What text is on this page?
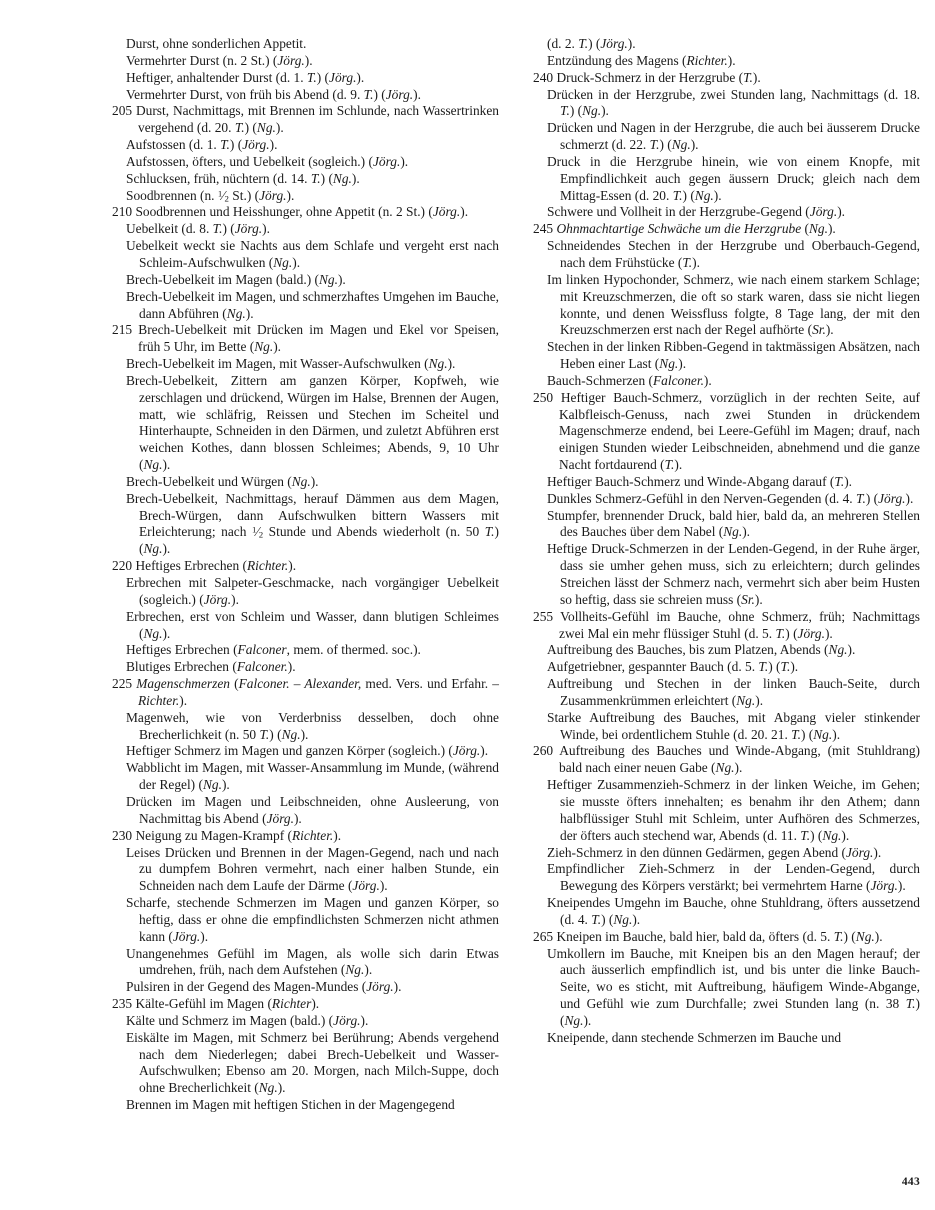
Durst, ohne sonderlichen Appetit.

Vermehrter Durst (n. 2 St.) (Jörg.).

Heftiger, anhaltender Durst (d. 1. T.) (Jörg.).

Vermehrter Durst, von früh bis Abend (d. 9. T.) (Jörg.).

205 Durst, Nachmittags, mit Brennen im Schlunde, nach Wassertrinken vergehend (d. 20. T.) (Ng.).

Aufstossen (d. 1. T.) (Jörg.).

Aufstossen, öfters, und Uebelkeit (sogleich.) (Jörg.).

Schlucksen, früh, nüchtern (d. 14. T.) (Ng.).

Soodbrennen (n. $^1⁄_2$ St.) (Jörg.).

210 Soodbrennen und Heisshunger, ohne Appetit (n. 2 St.) (Jörg.).

Uebelkeit (d. 8. T.) (Jörg.).

Uebelkeit weckt sie Nachts aus dem Schlafe und vergeht erst nach Schleim-Aufschwulken (Ng.).

Brech-Uebelkeit im Magen (bald.) (Ng.).

Brech-Uebelkeit im Magen, und schmerzhaftes Umgehen im Bauche, dann Abführen (Ng.).

215 Brech-Uebelkeit mit Drücken im Magen und Ekel vor Speisen, früh 5 Uhr, im Bette (Ng.).

Brech-Uebelkeit im Magen, mit Wasser-Aufschwulken (Ng.).

Brech-Uebelkeit, Zittern am ganzen Körper, Kopfweh, wie zerschlagen und drückend, Würgen im Halse, Brennen der Augen, matt, wie schläfrig, Reissen und Stechen im Scheitel und Hinterhaupte, Schneiden in den Därmen, und zuletzt Abführen erst weichen Kothes, dann blossen Schleimes; Abends, 9, 10 Uhr (Ng.).

Brech-Uebelkeit und Würgen (Ng.).

Brech-Uebelkeit, Nachmittags, herauf Dämmen aus dem Magen, Brech-Würgen, dann Aufschwulken bittern Wassers mit Erleichterung; nach $^1⁄_2$ Stunde und Abends wiederholt (n. 50 T.) (Ng.).

220 Heftiges Erbrechen (Richter.).

Erbrechen mit Salpeter-Geschmacke, nach vorgängiger Uebelkeit (sogleich.) (Jörg.).

Erbrechen, erst von Schleim und Wasser, dann blutigen Schleimes (Ng.).

Heftiges Erbrechen (Falconer, mem. of thermed. soc.).

Blutiges Erbrechen (Falconer.).

225 Magenschmerzen (Falconer. – Alexander, med. Vers. und Erfahr. – Richter.).

Magenweh, wie von Verderbniss desselben, doch ohne Brecherlichkeit (n. 50 T.) (Ng.).

Heftiger Schmerz im Magen und ganzen Körper (sogleich.) (Jörg.).

Wabblicht im Magen, mit Wasser-Ansammlung im Munde, (während der Regel) (Ng.).

Drücken im Magen und Leibschneiden, ohne Ausleerung, von Nachmittag bis Abend (Jörg.).

230 Neigung zu Magen-Krampf (Richter.).

Leises Drücken und Brennen in der Magen-Gegend, nach und nach zu dumpfem Bohren vermehrt, nach einer halben Stunde, ein Schneiden nach dem Laufe der Därme (Jörg.).

Scharfe, stechende Schmerzen im Magen und ganzen Körper, so heftig, dass er ohne die empfindlichsten Schmerzen nicht athmen kann (Jörg.).

Unangenehmes Gefühl im Magen, als wolle sich darin Etwas umdrehen, früh, nach dem Aufstehen (Ng.).

Pulsiren in der Gegend des Magen-Mundes (Jörg.).

235 Kälte-Gefühl im Magen (Richter).

Kälte und Schmerz im Magen (bald.) (Jörg.).

Eiskälte im Magen, mit Schmerz bei Berührung; Abends vergehend nach dem Niederlegen; dabei Brech-Uebelkeit und Wasser-Aufschwulken; Ebenso am 20. Morgen, nach Milch-Suppe, doch ohne Brecherlichkeit (Ng.).

Brennen im Magen mit heftigen Stichen in der Magengegend

(d. 2. T.) (Jörg.).

Entzündung des Magens (Richter.).

240 Druck-Schmerz in der Herzgrube (T.).

Drücken in der Herzgrube, zwei Stunden lang, Nachmittags (d. 18. T.) (Ng.).

Drücken und Nagen in der Herzgrube, die auch bei äusserem Drucke schmerzt (d. 22. T.) (Ng.).

Druck in die Herzgrube hinein, wie von einem Knopfe, mit Empfindlichkeit auch gegen äussern Druck; gleich nach dem Mittag-Essen (d. 20. T.) (Ng.).

Schwere und Vollheit in der Herzgrube-Gegend (Jörg.).

245 Ohnmachtartige Schwäche um die Herzgrube (Ng.).

Schneidendes Stechen in der Herzgrube und Oberbauch-Gegend, nach dem Frühstücke (T.).

Im linken Hypochonder, Schmerz, wie nach einem starkem Schlage; mit Kreuzschmerzen, die oft so stark waren, dass sie nicht liegen konnte, und denen Weissfluss folgte, 8 Tage lang, der mit den Kreuzschmerzen erst nach der Regel aufhörte (Sr.).

Stechen in der linken Ribben-Gegend in taktmässigen Absätzen, nach Heben einer Last (Ng.).

Bauch-Schmerzen (Falconer.).

250 Heftiger Bauch-Schmerz, vorzüglich in der rechten Seite, auf Kalbfleisch-Genuss, nach zwei Stunden in drückendem Magenschmerze endend, bei Leere-Gefühl im Magen; drauf, nach einigen Stunden wieder Leibschneiden, abnehmend und die ganze Nacht fortdaurend (T.).

Heftiger Bauch-Schmerz und Winde-Abgang darauf (T.).

Dunkles Schmerz-Gefühl in den Nerven-Gegenden (d. 4. T.) (Jörg.).

Stumpfer, brennender Druck, bald hier, bald da, an mehreren Stellen des Bauches über dem Nabel (Ng.).

Heftige Druck-Schmerzen in der Lenden-Gegend, in der Ruhe ärger, dass sie umher gehen muss, sich zu erleichtern; durch gelindes Streichen lässt der Schmerz nach, vermehrt sich aber beim Husten so heftig, dass sie schreien muss (Sr.).

255 Vollheits-Gefühl im Bauche, ohne Schmerz, früh; Nachmittags zwei Mal ein mehr flüssiger Stuhl (d. 5. T.) (Jörg.).

Auftreibung des Bauches, bis zum Platzen, Abends (Ng.).

Aufgetriebner, gespannter Bauch (d. 5. T.) (T.).

Auftreibung und Stechen in der linken Bauch-Seite, durch Zusammenkrümmen erleichtert (Ng.).

Starke Auftreibung des Bauches, mit Abgang vieler stinkender Winde, bei ordentlichem Stuhle (d. 20. 21. T.) (Ng.).

260 Auftreibung des Bauches und Winde-Abgang, (mit Stuhldrang) bald nach einer neuen Gabe (Ng.).

Heftiger Zusammenzieh-Schmerz in der linken Weiche, im Gehen; sie musste öfters innehalten; es benahm ihr den Athem; dann halbflüssiger Stuhl mit Schleim, unter Aufhören des Schmerzes, der öfters auch stechend war, Abends (d. 11. T.) (Ng.).

Zieh-Schmerz in den dünnen Gedärmen, gegen Abend (Jörg.).

Empfindlicher Zieh-Schmerz in der Lenden-Gegend, durch Bewegung des Körpers verstärkt; bei vermehrtem Harne (Jörg.).

Kneipendes Umgehn im Bauche, ohne Stuhldrang, öfters aussetzend (d. 4. T.) (Ng.).

265 Kneipen im Bauche, bald hier, bald da, öfters (d. 5. T.) (Ng.).

Umkollern im Bauche, mit Kneipen bis an den Magen herauf; der auch äusserlich empfindlich ist, und bis unter die linke Bauch-Seite, wo es sticht, mit Auftreibung, häufigem Winde-Abgange, und Gefühl wie zum Durchfalle; zwei Stunden lang (n. 38 T.) (Ng.).

Kneipende, dann stechende Schmerzen im Bauche und

443
